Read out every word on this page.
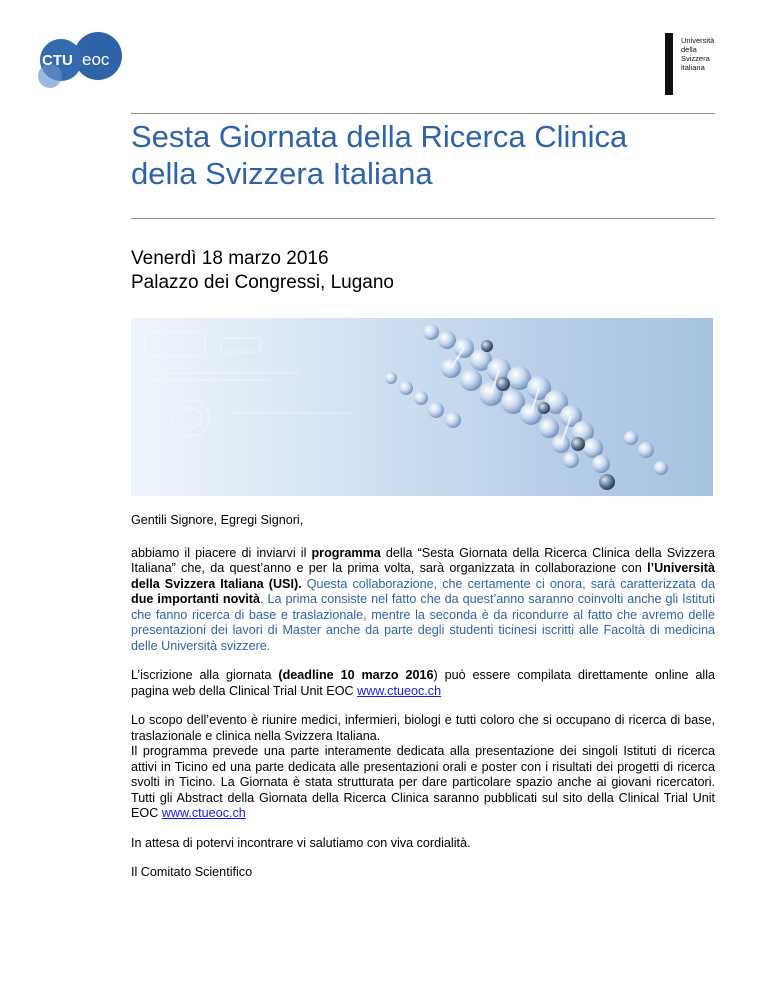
CTU eoc
Università
della
Svizzera
italiana
Sesta Giornata della Ricerca Clinica
della Svizzera Italiana
Venerdì 18 marzo 2016
Palazzo dei Congressi, Lugano

Gentili Signore, Egregi Signori,

abbiamo il piacere di inviarvi il programma della “Sesta Giornata della Ricerca Clinica della Svizzera Italiana” che, da quest’anno e per la prima volta, sarà organizzata in collaborazione con l’Università della Svizzera Italiana (USI). Questa collaborazione, che certamente ci onora, sarà caratterizzata da due importanti novità. La prima consiste nel fatto che da quest’anno saranno coinvolti anche gli Istituti che fanno ricerca di base e traslazionale, mentre la seconda è da ricondurre al fatto che avremo delle presentazioni dei lavori di Master anche da parte degli studenti ticinesi iscritti alle Facoltà di medicina delle Università svizzere.

L’iscrizione alla giornata (deadline 10 marzo 2016) può essere compilata direttamente online alla pagina web della Clinical Trial Unit EOC www.ctueoc.ch

Lo scopo dell’evento è riunire medici, infermieri, biologi e tutti coloro che si occupano di ricerca di base, traslazionale e clinica nella Svizzera Italiana.
Il programma prevede una parte interamente dedicata alla presentazione dei singoli Istituti di ricerca attivi in Ticino ed una parte dedicata alle presentazioni orali e poster con i risultati dei progetti di ricerca svolti in Ticino. La Giornata è stata strutturata per dare particolare spazio anche ai giovani ricercatori. Tutti gli Abstract della Giornata della Ricerca Clinica saranno pubblicati sul sito della Clinical Trial Unit EOC www.ctueoc.ch

In attesa di potervi incontrare vi salutiamo con viva cordialità.

Il Comitato Scientifico
